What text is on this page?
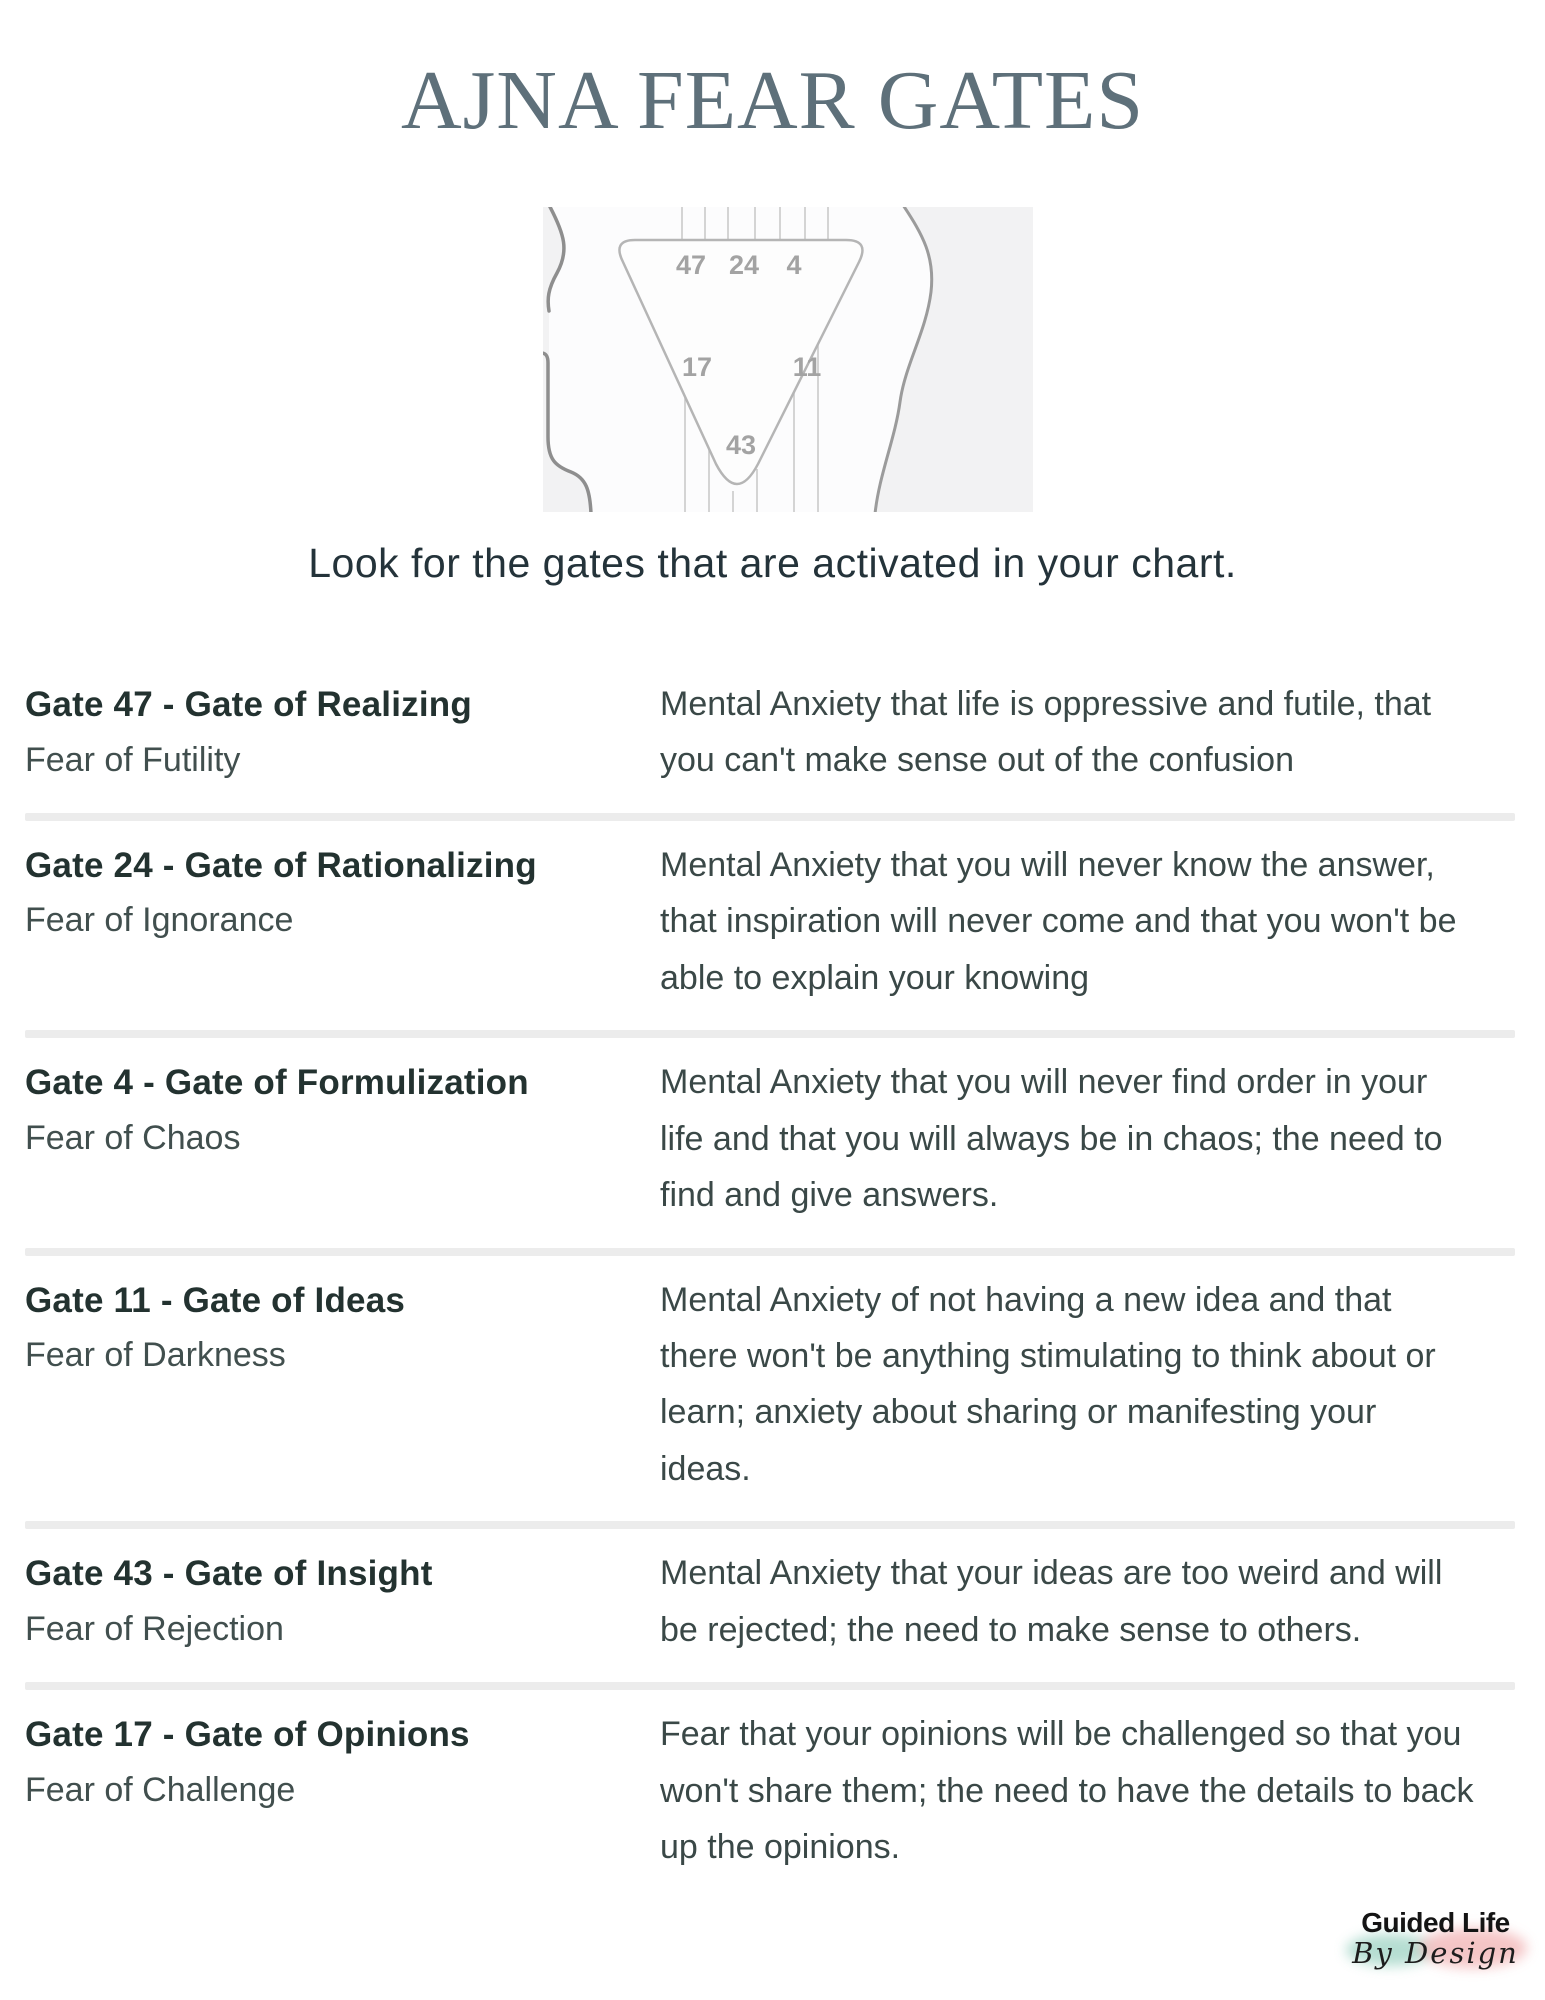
AJNA FEAR GATES
47 24 4
17	11
43
Look for the gates that are activated in your chart.
Gate 47 - Gate of Realizing
Fear of Futility
Mental Anxiety that life is oppressive and futile, that you can't make sense out of the confusion
Gate 24 - Gate of Rationalizing
Fear of Ignorance
Mental Anxiety that you will never know the answer, that inspiration will never come and that you won't be able to explain your knowing
Gate 4 - Gate of Formulization
Fear of Chaos
Mental Anxiety that you will never find order in your life and that you will always be in chaos; the need to find and give answers.
Gate 11 - Gate of Ideas
Fear of Darkness
Mental Anxiety of not having a new idea and that there won't be anything stimulating to think about or learn; anxiety about sharing or manifesting your ideas.
Gate 43 - Gate of Insight
Fear of Rejection
Mental Anxiety that your ideas are too weird and will be rejected; the need to make sense to others.
Gate 17 - Gate of Opinions
Fear of Challenge
Fear that your opinions will be challenged so that you won't share them; the need to have the details to back up the opinions.
Guided Life
By Design
